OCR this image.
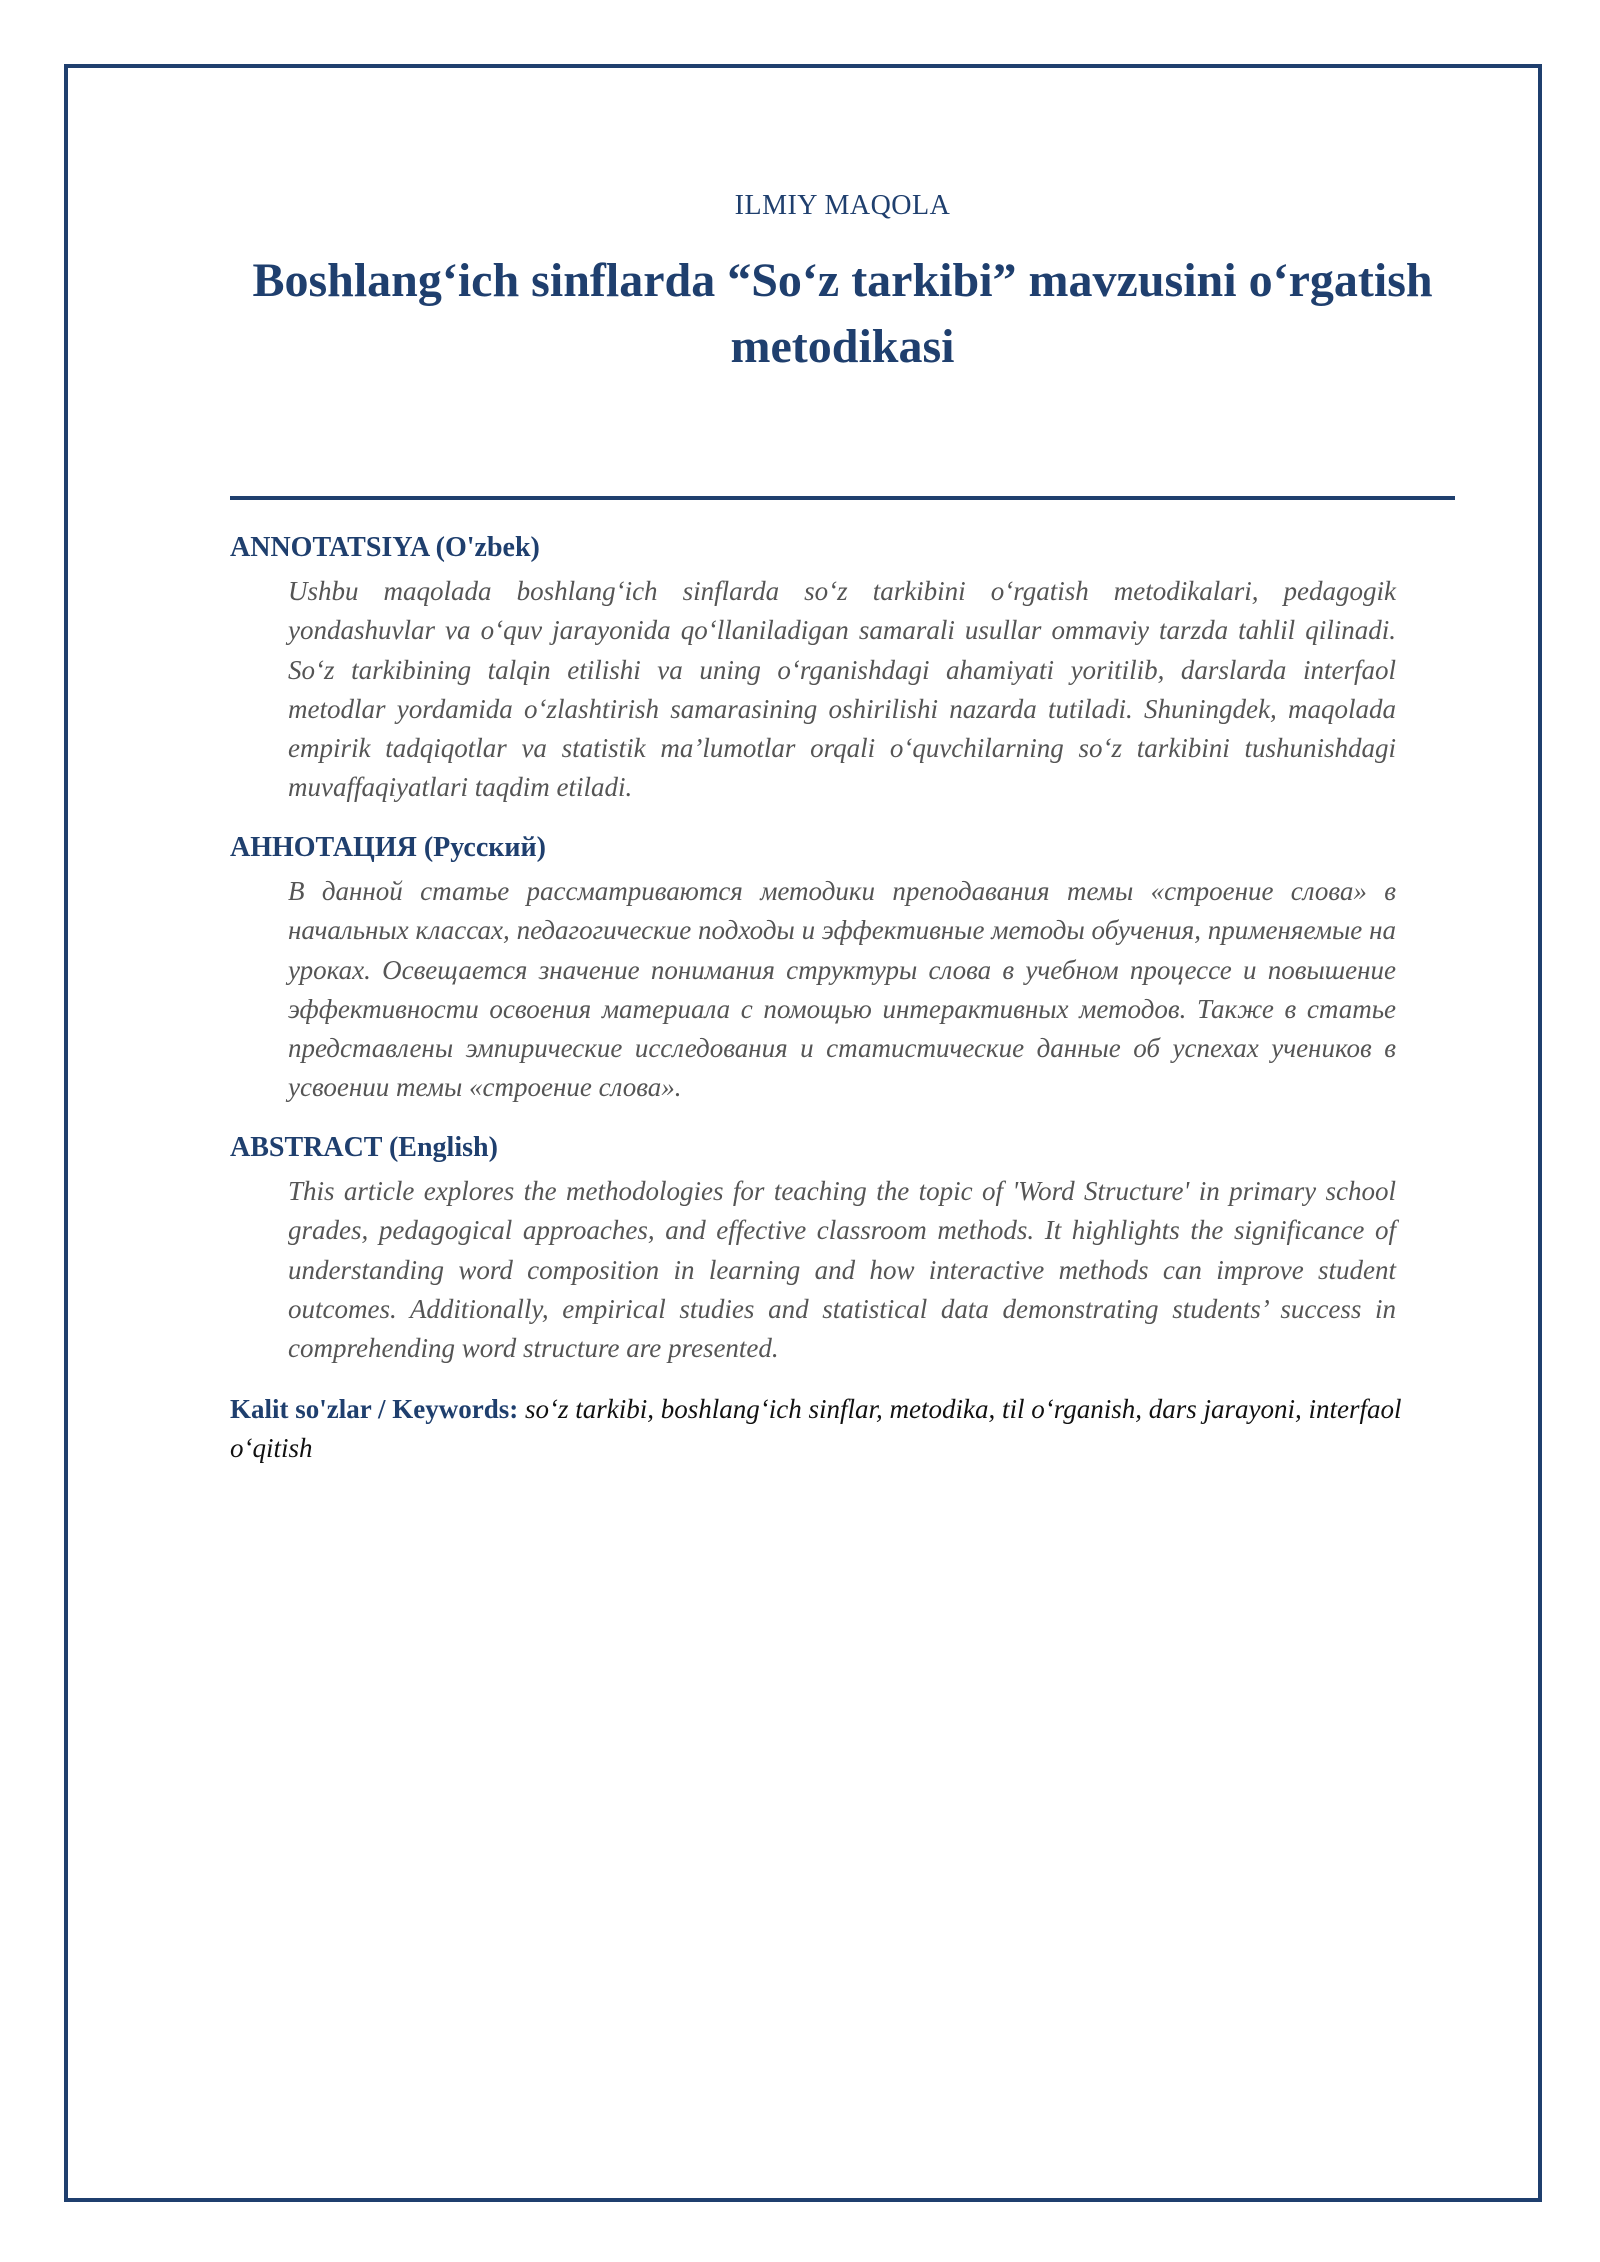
ILMIY MAQOLA
Boshlang‘ich sinflarda “So‘z tarkibi” mavzusini o‘rgatish metodikasi
ANNOTATSIYA (O'zbek)

Ushbu maqolada boshlang‘ich sinflarda so‘z tarkibini o‘rgatish metodikalari, pedagogik yondashuvlar va o‘quv jarayonida qo‘llaniladigan samarali usullar ommaviy tarzda tahlil qilinadi. So‘z tarkibining talqin etilishi va uning o‘rganishdagi ahamiyati yoritilib, darslarda interfaol metodlar yordamida o‘zlashtirish samarasining oshirilishi nazarda tutiladi. Shuningdek, maqolada empirik tadqiqotlar va statistik ma’lumotlar orqali o‘quvchilarning so‘z tarkibini tushunishdagi muvaffaqiyatlari taqdim etiladi.

АННОТАЦИЯ (Русский)

В данной статье рассматриваются методики преподавания темы «строение слова» в начальных классах, педагогические подходы и эффективные методы обучения, применяемые на уроках. Освещается значение понимания структуры слова в учебном процессе и повышение эффективности освоения материала с помощью интерактивных методов. Также в статье представлены эмпирические исследования и статистические данные об успехах учеников в усвоении темы «строение слова».

ABSTRACT (English)

This article explores the methodologies for teaching the topic of 'Word Structure' in primary school grades, pedagogical approaches, and effective classroom methods. It highlights the significance of understanding word composition in learning and how interactive methods can improve student outcomes. Additionally, empirical studies and statistical data demonstrating students’ success in comprehending word structure are presented.

Kalit so'zlar / Keywords: so‘z tarkibi, boshlang‘ich sinflar, metodika, til o‘rganish, dars jarayoni, interfaol o‘qitish
